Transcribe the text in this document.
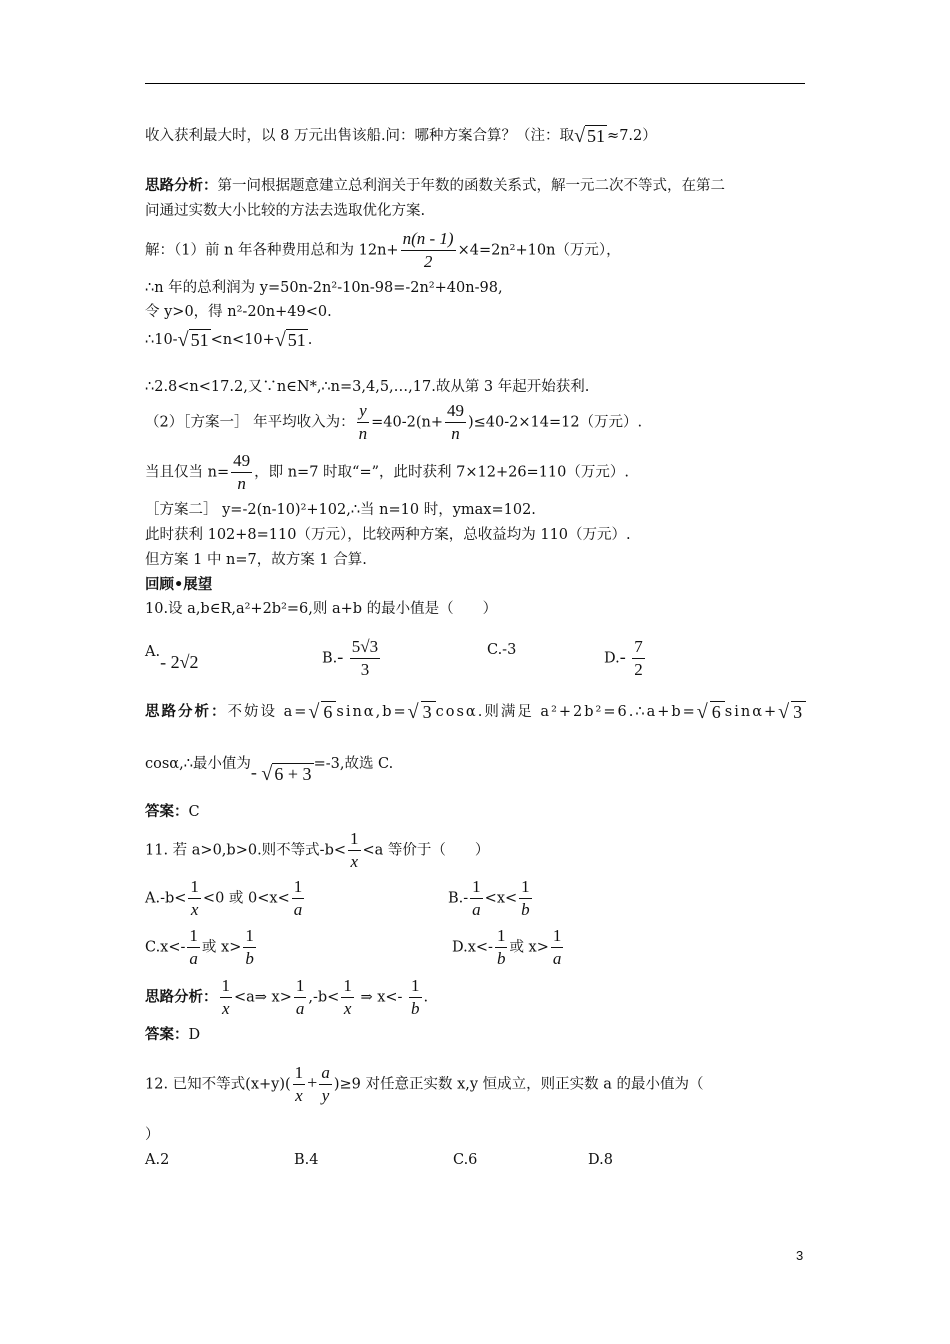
收入获利最大时，以 8 万元出售该船.问：哪种方案合算？（注：取√ 51 ≈7.2）
思路分析：第一问根据题意建立总利润关于年数的函数关系式，解一元二次不等式，在第二
问通过实数大小比较的方法去选取优化方案.
解：（1）前 n 年各种费用总和为 $12n+ \frac{n(n - 1)}{2} \times 4=2n^2+10n$（万元），
∴n 年的总利润为 y=50n-2n²-10n-98=-2n²+40n-98,
令 y>0，得 n²-20n+49<0.
∴10-√ 51 <n<10+√ 51 .
∴2.8<n<17.2,又∵n∈N*,∴n=3,4,5,…,17.故从第 3 年起开始获利.
（2）［方案一］ 年平均收入为： $\frac{y}{n} =40-2(n+ \frac{49}{n} )\le 40-2\times 14=12$（万元）.
当且仅当 $n= \frac{49}{n}$ ，即 n=7 时取“=”，此时获利 7×12+26=110（万元）.
［方案二］ y=-2(n-10)²+102,∴当 n=10 时，ymax=102.
此时获利 102+8=110（万元），比较两种方案，总收益均为 110（万元）.
但方案 1 中 n=7，故方案 1 合算.
回顾•展望
10.设 a,b∈R,a²+2b²=6,则 a+b 的最小值是（　　）
A.- 2√2	$B.- \frac{5√3}{3}$	C.-3
$D.- \frac{7}{2}$
思路分析：不妨设 a=√ 6 sinα,b=√ 3 cosα.则满足 a²+2b²=6.∴a+b=√ 6 sinα+√ 3
cosα,∴最小值为- √ 6 + 3 =-3,故选 C.
答案：C
11. 若 a>0,b>0.则不等式$-b< \frac{1}{x} <a$ 等价于（　　）
$A.-b< \frac{1}{x} <0$ 或 $0<x< \frac{1}{a}$	$B.- \frac{1}{a} <x< \frac{1}{b}$
$C.x<- \frac{1}{a}$ 或 $x> \frac{1}{b}$	$D.x<- \frac{1}{b}$ 或 $x> \frac{1}{a}$
思路分析： $\frac{1}{x}$ <a⇒ $x> \frac{1}{a} ,-b< \frac{1}{x}$ ⇒ $x<- \frac{1}{b}$ .
答案：D
12. 已知不等式$(x+y)( \frac{1}{x} + \frac{a}{y} )\ge 9$ 对任意正实数 x,y 恒成立，则正实数 a 的最小值为（
）
A.2	B.4	C.6	D.8
3
